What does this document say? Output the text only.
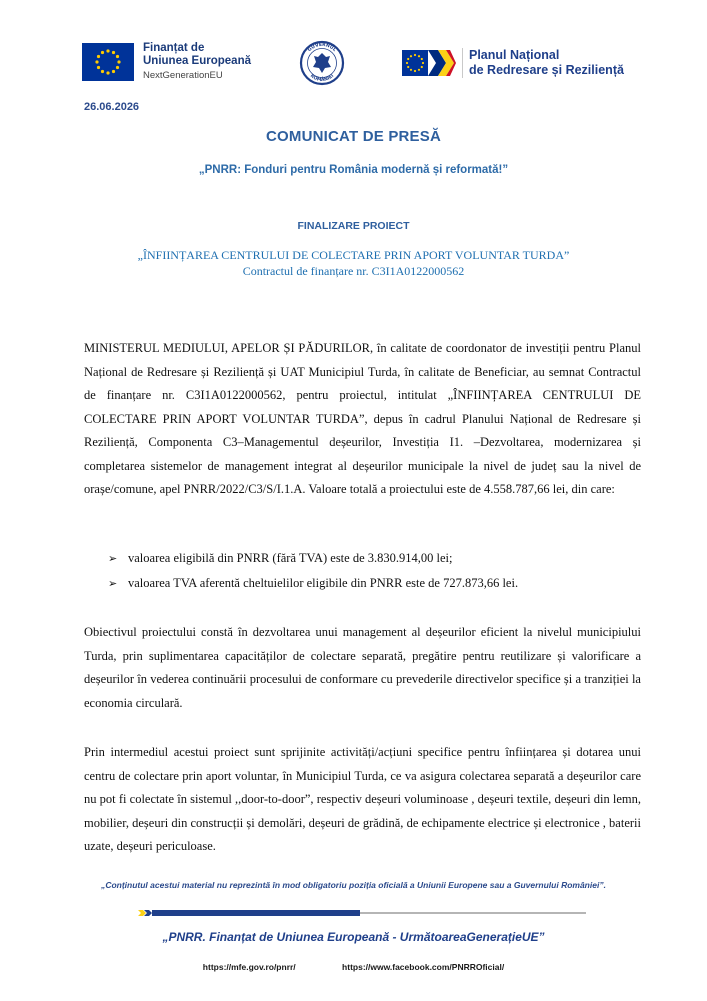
Finanțat de
Uniunea Europeană
NextGenerationEU
GUVERNUL
ROMÂNIEI
Planul Național
de Redresare și Reziliență
26.06.2026
COMUNICAT DE PRESĂ
„PNRR: Fonduri pentru România modernă și reformată!”
FINALIZARE PROIECT
„ÎNFIINȚAREA CENTRULUI DE COLECTARE PRIN APORT VOLUNTAR TURDA”
Contractul de finanțare nr. C3I1A0122000562
MINISTERUL MEDIULUI, APELOR ȘI PĂDURILOR, în calitate de coordonator de investiții pentru Planul Național de Redresare și Reziliență și UAT Municipiul Turda, în calitate de Beneficiar, au semnat Contractul de finanțare nr. C3I1A0122000562, pentru proiectul, intitulat „ÎNFIINȚAREA CENTRULUI DE COLECTARE PRIN APORT VOLUNTAR TURDA”, depus în cadrul Planului Național de Redresare și Reziliență, Componenta C3–Managementul deșeurilor, Investiția I1. –Dezvoltarea, modernizarea și completarea sistemelor de management integrat al deșeurilor municipale la nivel de județ sau la nivel de orașe/comune, apel PNRR/2022/C3/S/I.1.A. Valoare totală a proiectului este de 4.558.787,66 lei, din care:
➢ valoarea eligibilă din PNRR (fără TVA) este de 3.830.914,00 lei;
➢ valoarea TVA aferentă cheltuielilor eligibile din PNRR este de 727.873,66 lei.
Obiectivul proiectului constă în dezvoltarea unui management al deșeurilor eficient la nivelul municipiului Turda, prin suplimentarea capacităților de colectare separată, pregătire pentru reutilizare și valorificare a deșeurilor în vederea continuării procesului de conformare cu prevederile directivelor specifice și a tranziției la economia circulară.
Prin intermediul acestui proiect sunt sprijinite activități/acțiuni specifice pentru înființarea și dotarea unui centru de colectare prin aport voluntar, în Municipiul Turda, ce va asigura colectarea separată a deșeurilor care nu pot fi colectate în sistemul ,,door-to-door”, respectiv deșeuri voluminoase , deșeuri textile, deșeuri din lemn, mobilier, deșeuri din construcții și demolări, deșeuri de grădină, de echipamente electrice și electronice , baterii uzate, deșeuri periculoase.
„Conținutul acestui material nu reprezintă în mod obligatoriu poziția oficială a Uniunii Europene sau a Guvernului României”.
„PNRR. Finanțat de Uniunea Europeană - UrmătoareaGenerațieUE”
https://mfe.gov.ro/pnrr/	https://www.facebook.com/PNRROficial/
